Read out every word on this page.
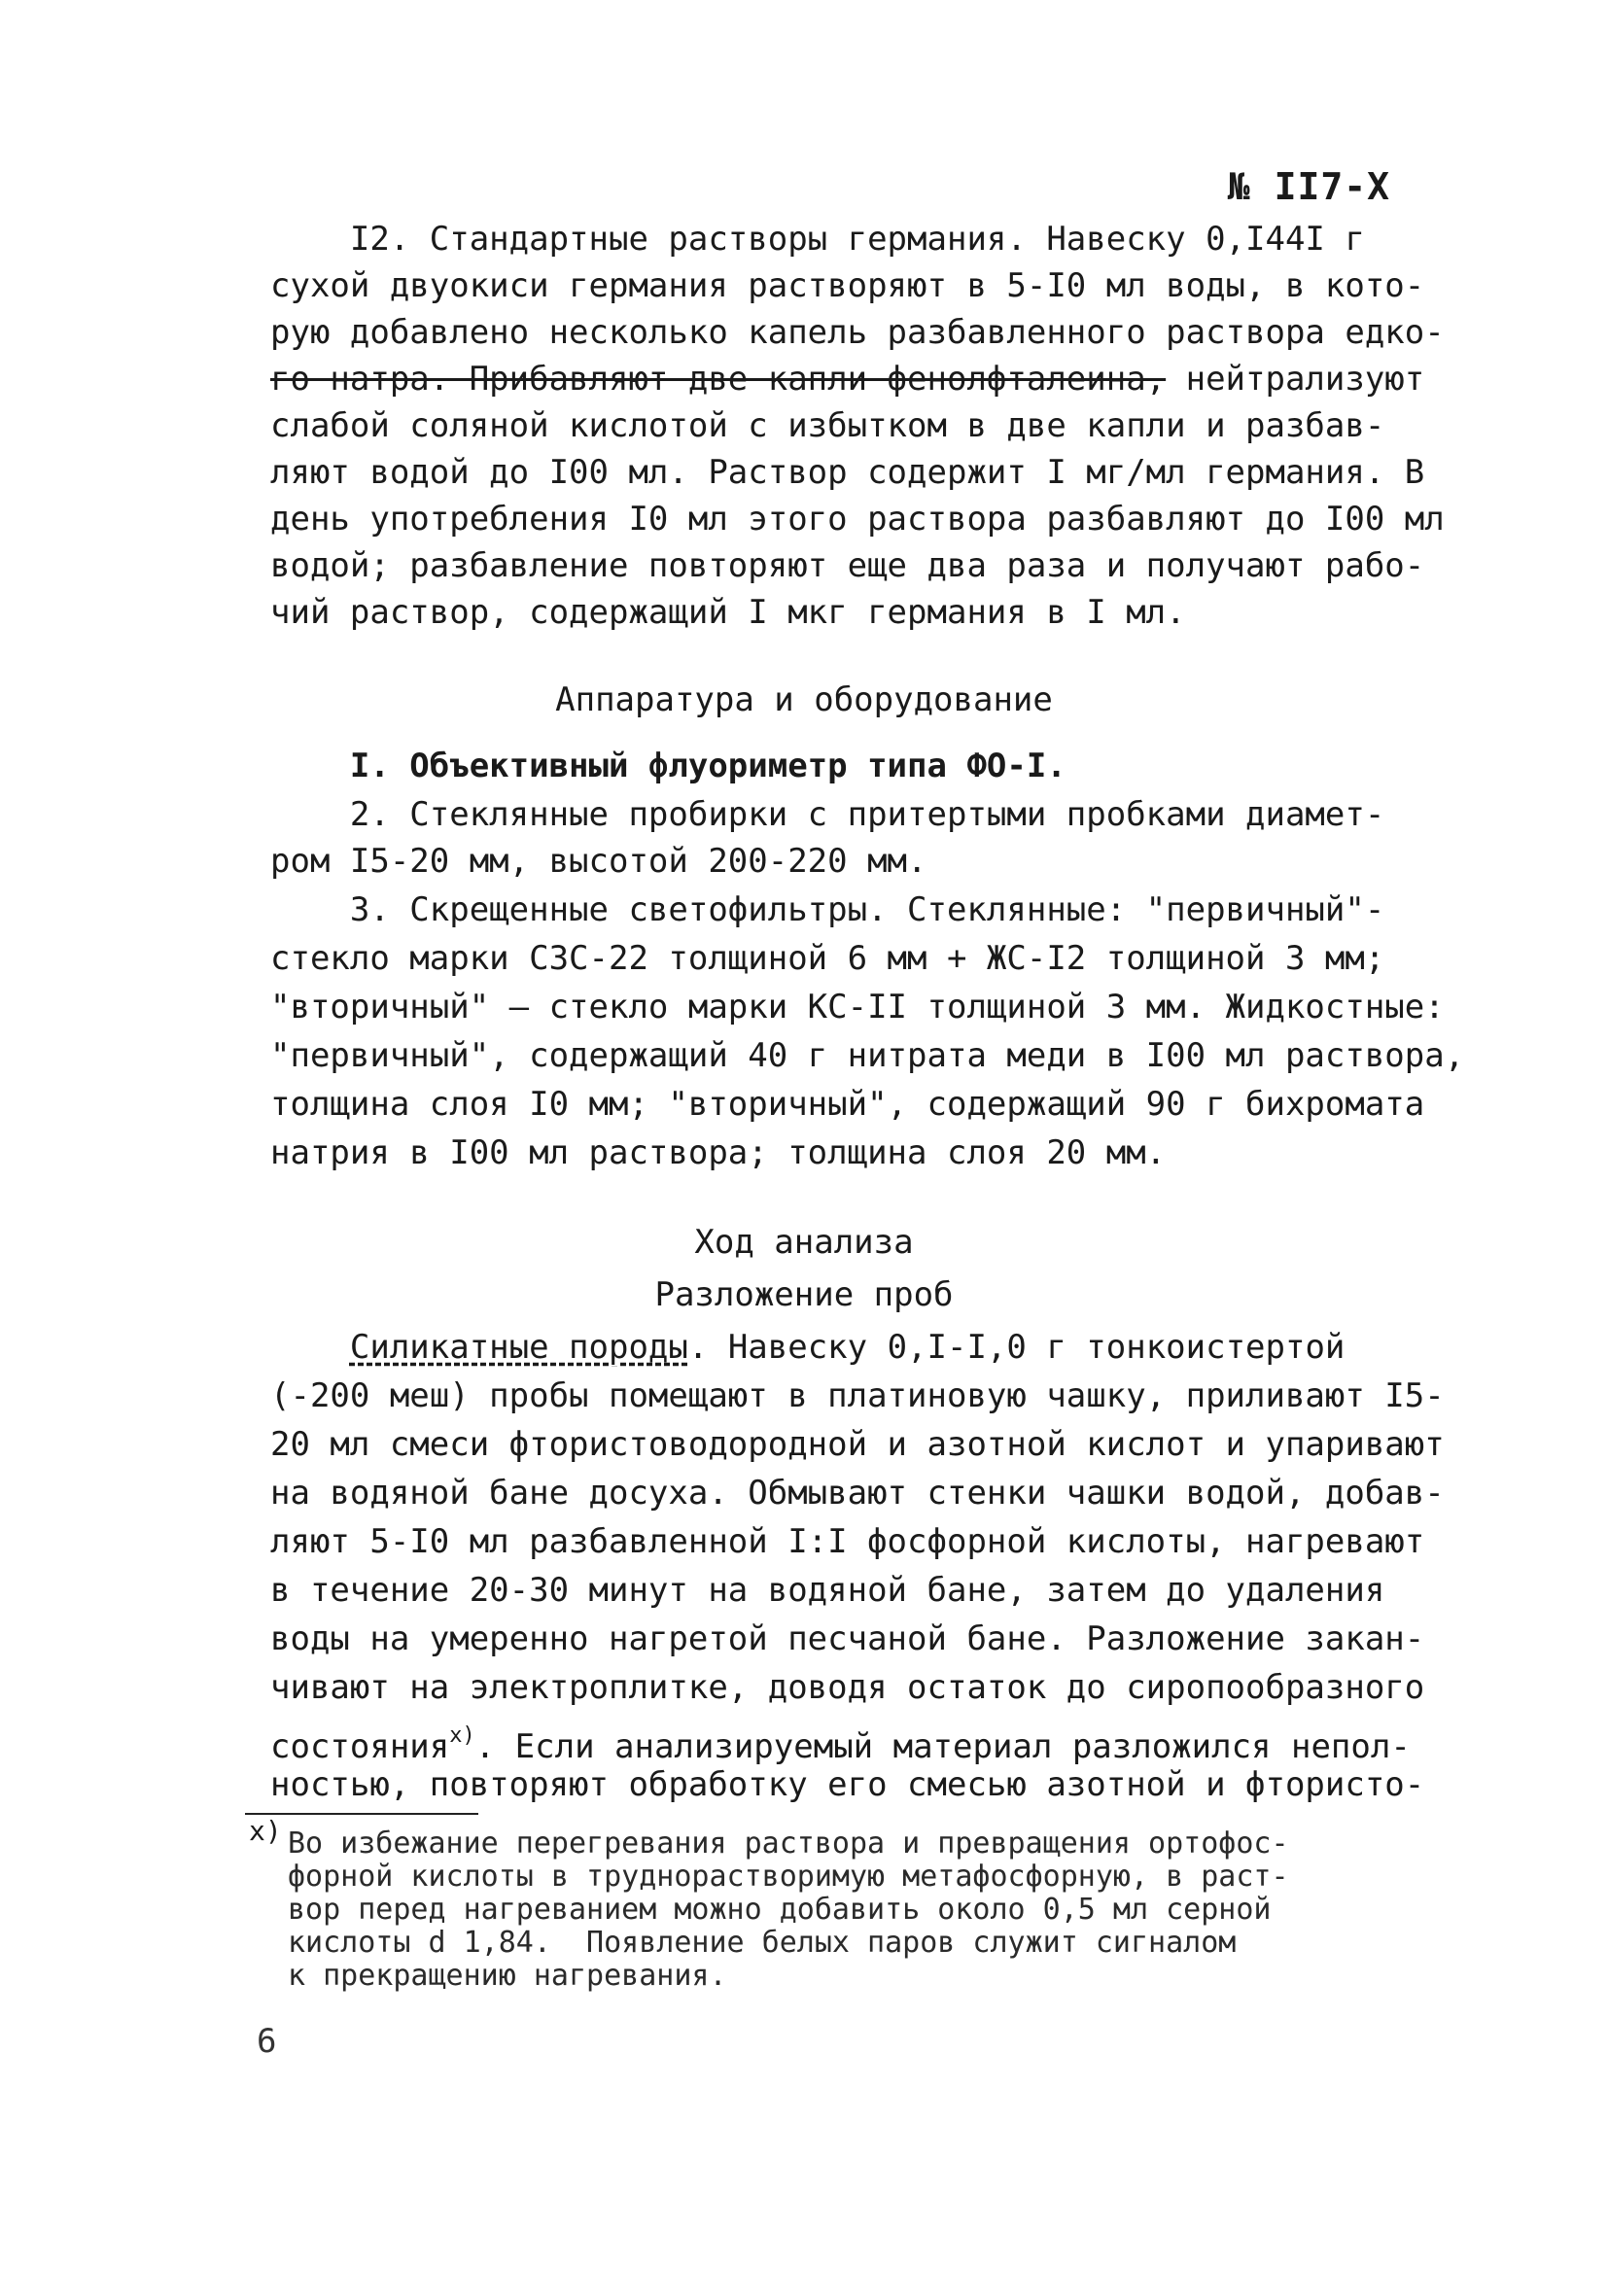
№ II7-X
I2. Стандартные растворы германия. Навеску 0,I44I г
сухой двуокиси германия растворяют в 5-I0 мл воды, в кото-
рую добавлено несколько капель разбавленного раствора едко-
го натра. Прибавляют две капли фенолфталеина, нейтрализуют
слабой соляной кислотой с избытком в две капли и разбав-
ляют водой до I00 мл. Раствор содержит I мг/мл германия. В
день употребления I0 мл этого раствора разбавляют до I00 мл
водой; разбавление повторяют еще два раза и получают рабо-
чий раствор, содержащий I мкг германия в I мл.
Аппаратура и оборудование
I. Объективный флуориметр типа ФО-I.
2. Стеклянные пробирки с притертыми пробками диамет-
ром I5-20 мм, высотой 200-220 мм.
3. Скрещенные светофильтры. Стеклянные: "первичный"-
стекло марки СЗС-22 толщиной 6 мм + ЖС-I2 толщиной 3 мм;
"вторичный" — стекло марки КС-II толщиной 3 мм. Жидкостные:
"первичный", содержащий 40 г нитрата меди в I00 мл раствора,
толщина слоя I0 мм; "вторичный", содержащий 90 г бихромата
натрия в I00 мл раствора; толщина слоя 20 мм.
Ход анализа
Разложение проб
Силикатные породы. Навеску 0,I-I,0 г тонкоистертой
(-200 меш) пробы помещают в платиновую чашку, приливают I5-
20 мл смеси фтористоводородной и азотной кислот и упаривают
на водяной бане досуха. Обмывают стенки чашки водой, добав-
ляют 5-I0 мл разбавленной I:I фосфорной кислоты, нагревают
в течение 20-30 минут на водяной бане, затем до удаления
воды на умеренно нагретой песчаной бане. Разложение закан-
чивают на электроплитке, доводя остаток до сиропообразного
состояния$^{x)}$. Если анализируемый материал разложился непол-
ностью, повторяют обработку его смесью азотной и фтористо-
x) Во избежание перегревания раствора и превращения ортофос-
форной кислоты в труднорастворимую метафосфорную, в раст-
вор перед нагреванием можно добавить около 0,5 мл серной
кислоты d 1,84.  Появление белых паров служит сигналом
к прекращению нагревания.
6
